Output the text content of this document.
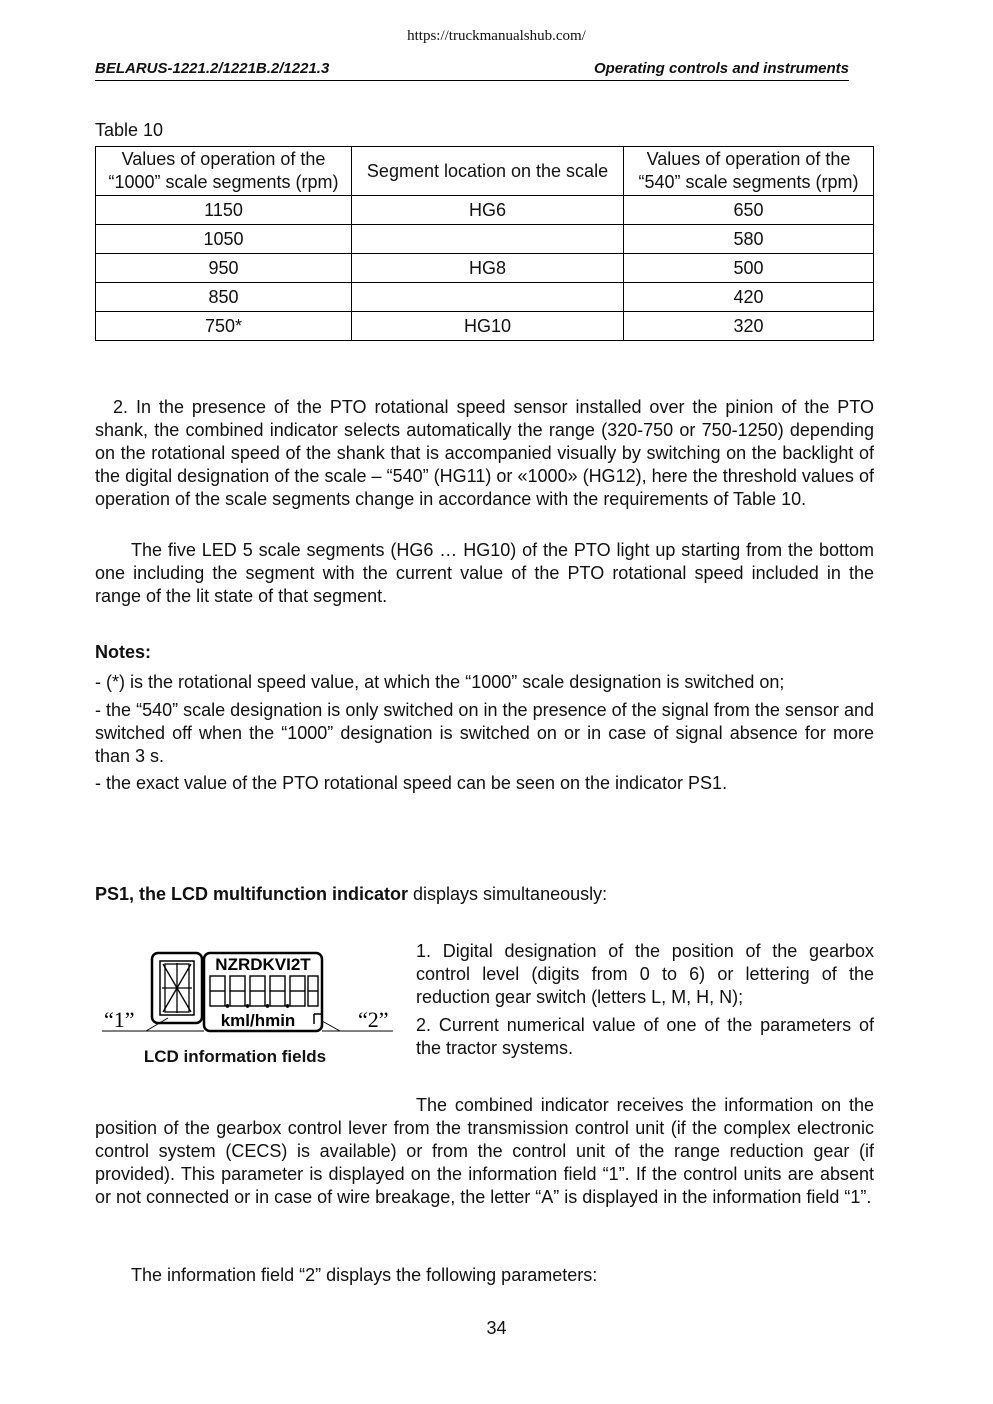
https://truckmanualshub.com/
BELARUS-1221.2/1221B.2/1221.3	Operating controls and instruments
Table 10
Values of operation of the “1000” scale segments (rpm)	Segment location on the scale	Values of operation of the “540” scale segments (rpm)
1150	HG6	650
1050		580
950	HG8	500
850		420
750*	HG10	320

2. In the presence of the PTO rotational speed sensor installed over the pinion of the PTO shank, the combined indicator selects automatically the range (320-750 or 750-1250) depending on the rotational speed of the shank that is accompanied visually by switching on the backlight of the digital designation of the scale – “540” (HG11) or «1000» (HG12), here the threshold values of operation of the scale segments change in accordance with the requirements of Table 10.

The five LED 5 scale segments (HG6 … HG10) of the PTO light up starting from the bottom one including the segment with the current value of the PTO rotational speed included in the range of the lit state of that segment.

Notes:

- (*) is the rotational speed value, at which the “1000” scale designation is switched on;

- the “540” scale designation is only switched on in the presence of the signal from the sensor and switched off when the “1000” designation is switched on or in case of signal absence for more than 3 s.

- the exact value of the PTO rotational speed can be seen on the indicator PS1.

PS1, the LCD multifunction indicator displays simultaneously:
NZRDKVI2T
kml/hmin
“1”	“2”
LCD information fields

1. Digital designation of the position of the gearbox control level (digits from 0 to 6) or lettering of the reduction gear switch (letters L, M, H, N);

2. Current numerical value of one of the parameters of the tractor systems.

The combined indicator receives the information on the position of the gearbox control lever from the transmission control unit (if the complex electronic control system (CECS) is available) or from the control unit of the range reduction gear (if provided). This parameter is displayed on the information field “1”. If the control units are absent or not connected or in case of wire breakage, the letter “A” is displayed in the information field “1”.

The information field “2” displays the following parameters:
34
